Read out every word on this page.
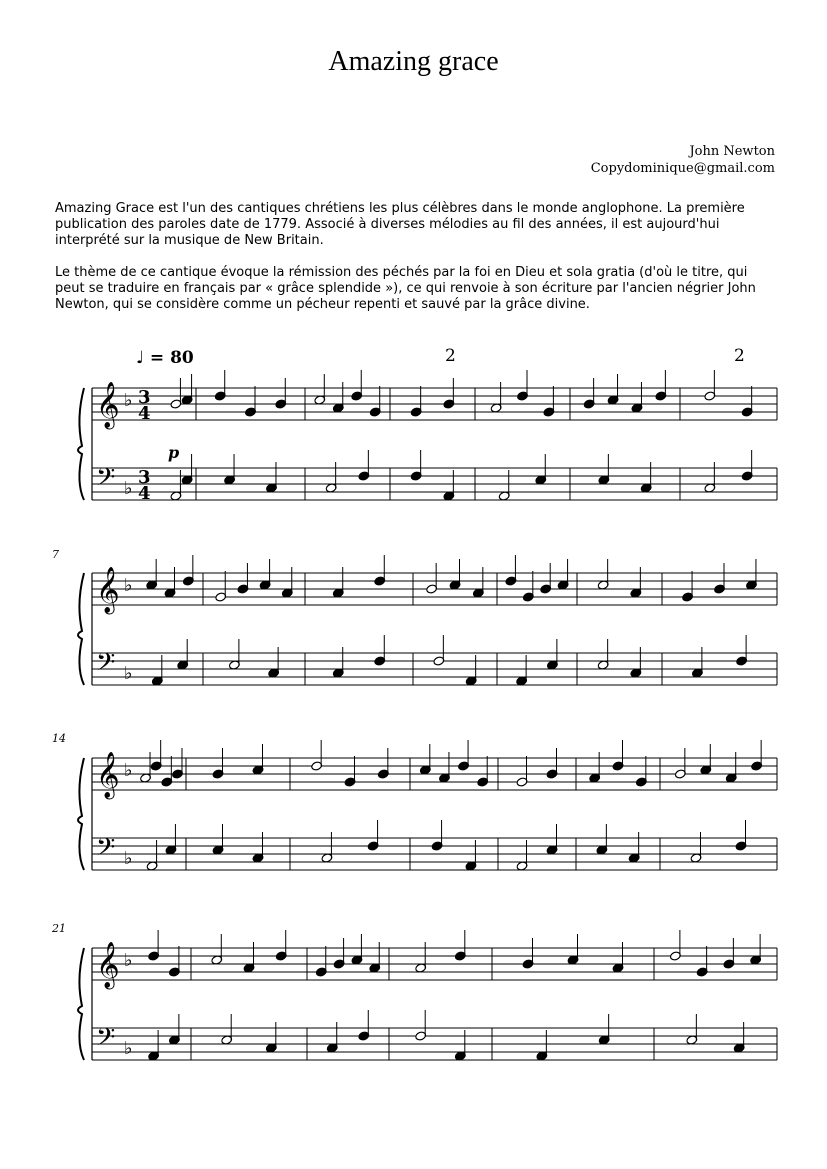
Amazing grace
John Newton
Copydominique@gmail.com

Amazing Grace est l'un des cantiques chrétiens les plus célèbres dans le monde anglophone. La première publication des paroles date de 1779. Associé à diverses mélodies au fil des années, il est aujourd'hui interprété sur la musique de New Britain.

Le thème de ce cantique évoque la rémission des péchés par la foi en Dieu et sola gratia (d'où le titre, qui peut se traduire en français par « grâce splendide »), ce qui renvoie à son écriture par l'ancien négrier John Newton, qui se considère comme un pécheur repenti et sauvé par la grâce divine.

♩ = 80
p
2	2
7
14
21
𝄞 ♭ 3
4
𝄢 ♭
3
4
𝄞 ♭
𝄢 ♭
𝄞 ♭
𝄢 ♭
𝄞 ♭
𝄢 ♭
